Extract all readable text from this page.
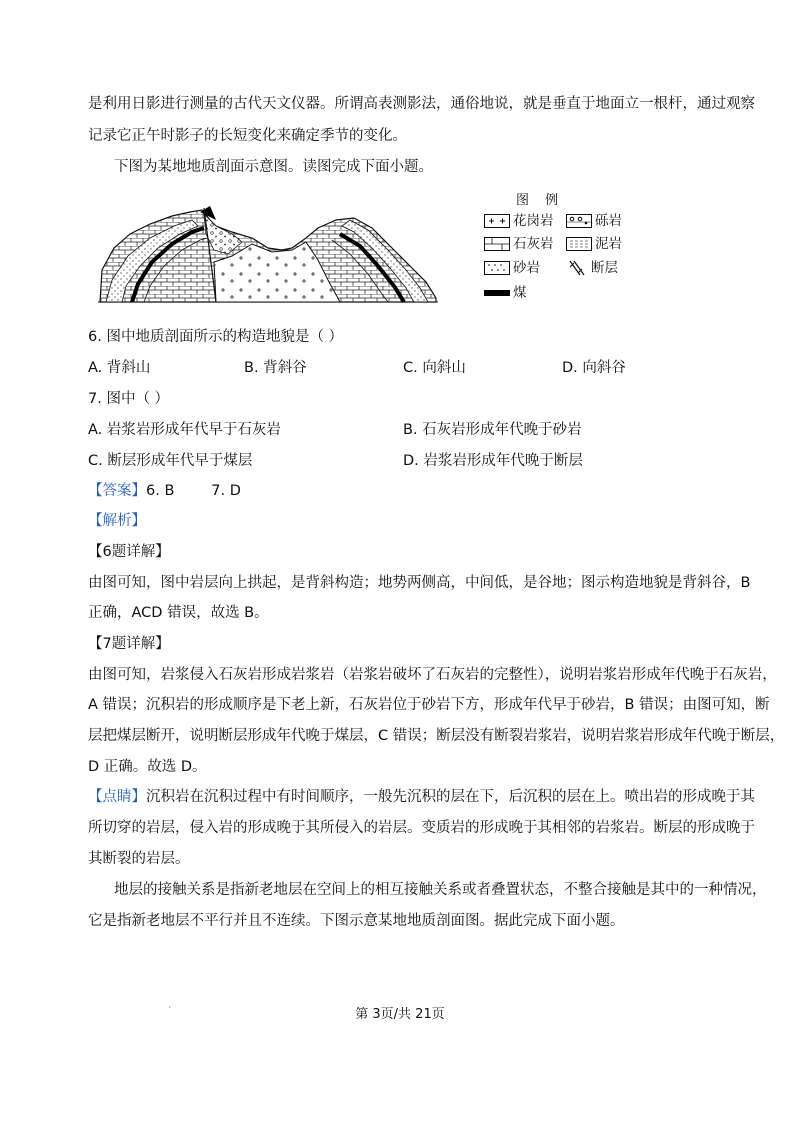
是利用日影进行测量的古代天文仪器。所谓高表测影法，通俗地说，就是垂直于地面立一根杆，通过观察
记录它正午时影子的长短变化来确定季节的变化。
下图为某地地质剖面示意图。读图完成下面小题。
图 例
花岗岩	砾岩
石灰岩	泥岩
砂岩	断层
煤
6. 图中地质剖面所示的构造地貌是（ ）
A. 背斜山	B. 背斜谷	C. 向斜山	D. 向斜谷
7. 图中（ ）
A. 岩浆岩形成年代早于石灰岩	B. 石灰岩形成年代晚于砂岩
C. 断层形成年代早于煤层	D. 岩浆岩形成年代晚于断层
【答案】6. B        7. D
【解析】
【6题详解】
由图可知，图中岩层向上拱起，是背斜构造；地势两侧高，中间低，是谷地；图示构造地貌是背斜谷，B
正确，ACD 错误，故选 B。
【7题详解】
由图可知，岩浆侵入石灰岩形成岩浆岩（岩浆岩破坏了石灰岩的完整性），说明岩浆岩形成年代晚于石灰岩，
A 错误；沉积岩的形成顺序是下老上新，石灰岩位于砂岩下方，形成年代早于砂岩，B 错误；由图可知，断
层把煤层断开，说明断层形成年代晚于煤层，C 错误；断层没有断裂岩浆岩，说明岩浆岩形成年代晚于断层，
D 正确。故选 D。
【点睛】沉积岩在沉积过程中有时间顺序，一般先沉积的层在下，后沉积的层在上。喷出岩的形成晚于其
所切穿的岩层，侵入岩的形成晚于其所侵入的岩层。变质岩的形成晚于其相邻的岩浆岩。断层的形成晚于
其断裂的岩层。
地层的接触关系是指新老地层在空间上的相互接触关系或者叠置状态，不整合接触是其中的一种情况，
它是指新老地层不平行并且不连续。下图示意某地地质剖面图。据此完成下面小题。
`	第 3页/共 21页
